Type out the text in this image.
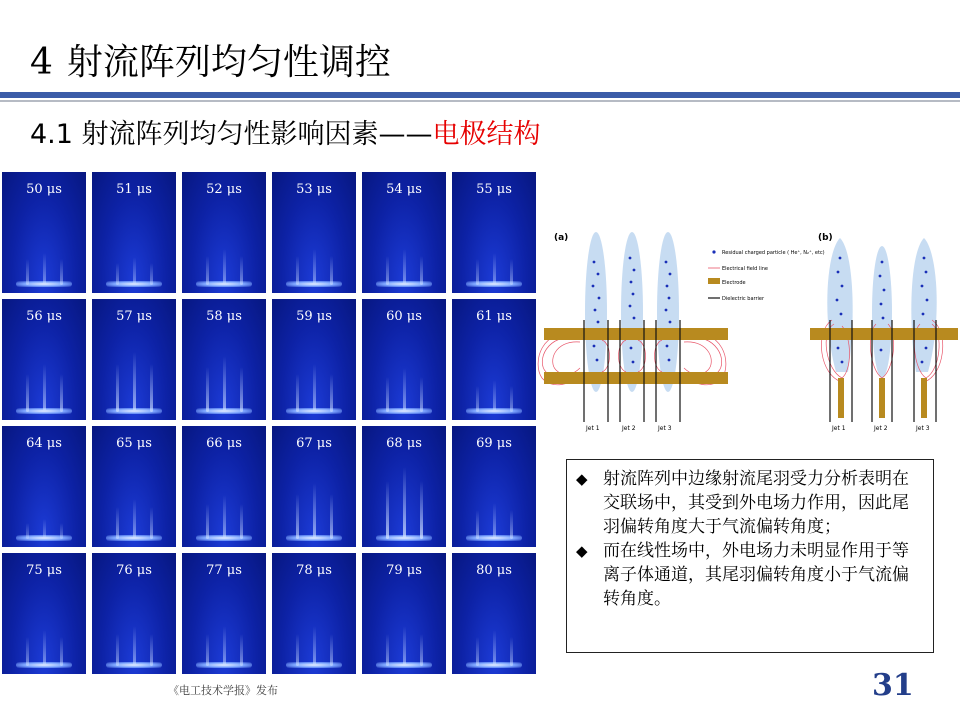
4 射流阵列均匀性调控
4.1 射流阵列均匀性影响因素——电极结构
50 μs	51 μs	52 μs	53 μs	54 μs	55 μs
56 μs	57 μs	58 μs	59 μs	60 μs	61 μs
64 μs	65 μs	66 μs	67 μs	68 μs	69 μs
75 μs	76 μs	77 μs	78 μs	79 μs	80 μs
(a)
Jet 1	Jet 2	Jet 3
Residual charged particle ( He⁺, N₂⁺, etc)
Electrical field line
Electrode
Dielectric barrier
(b)
Jet 1	Jet 2	Jet 3
◆ 射流阵列中边缘射流尾羽受力分析表明在交联场中，其受到外电场力作用，因此尾羽偏转角度大于气流偏转角度；
◆ 而在线性场中，外电场力未明显作用于等离子体通道，其尾羽偏转角度小于气流偏转角度。
《电工技术学报》发布	31
